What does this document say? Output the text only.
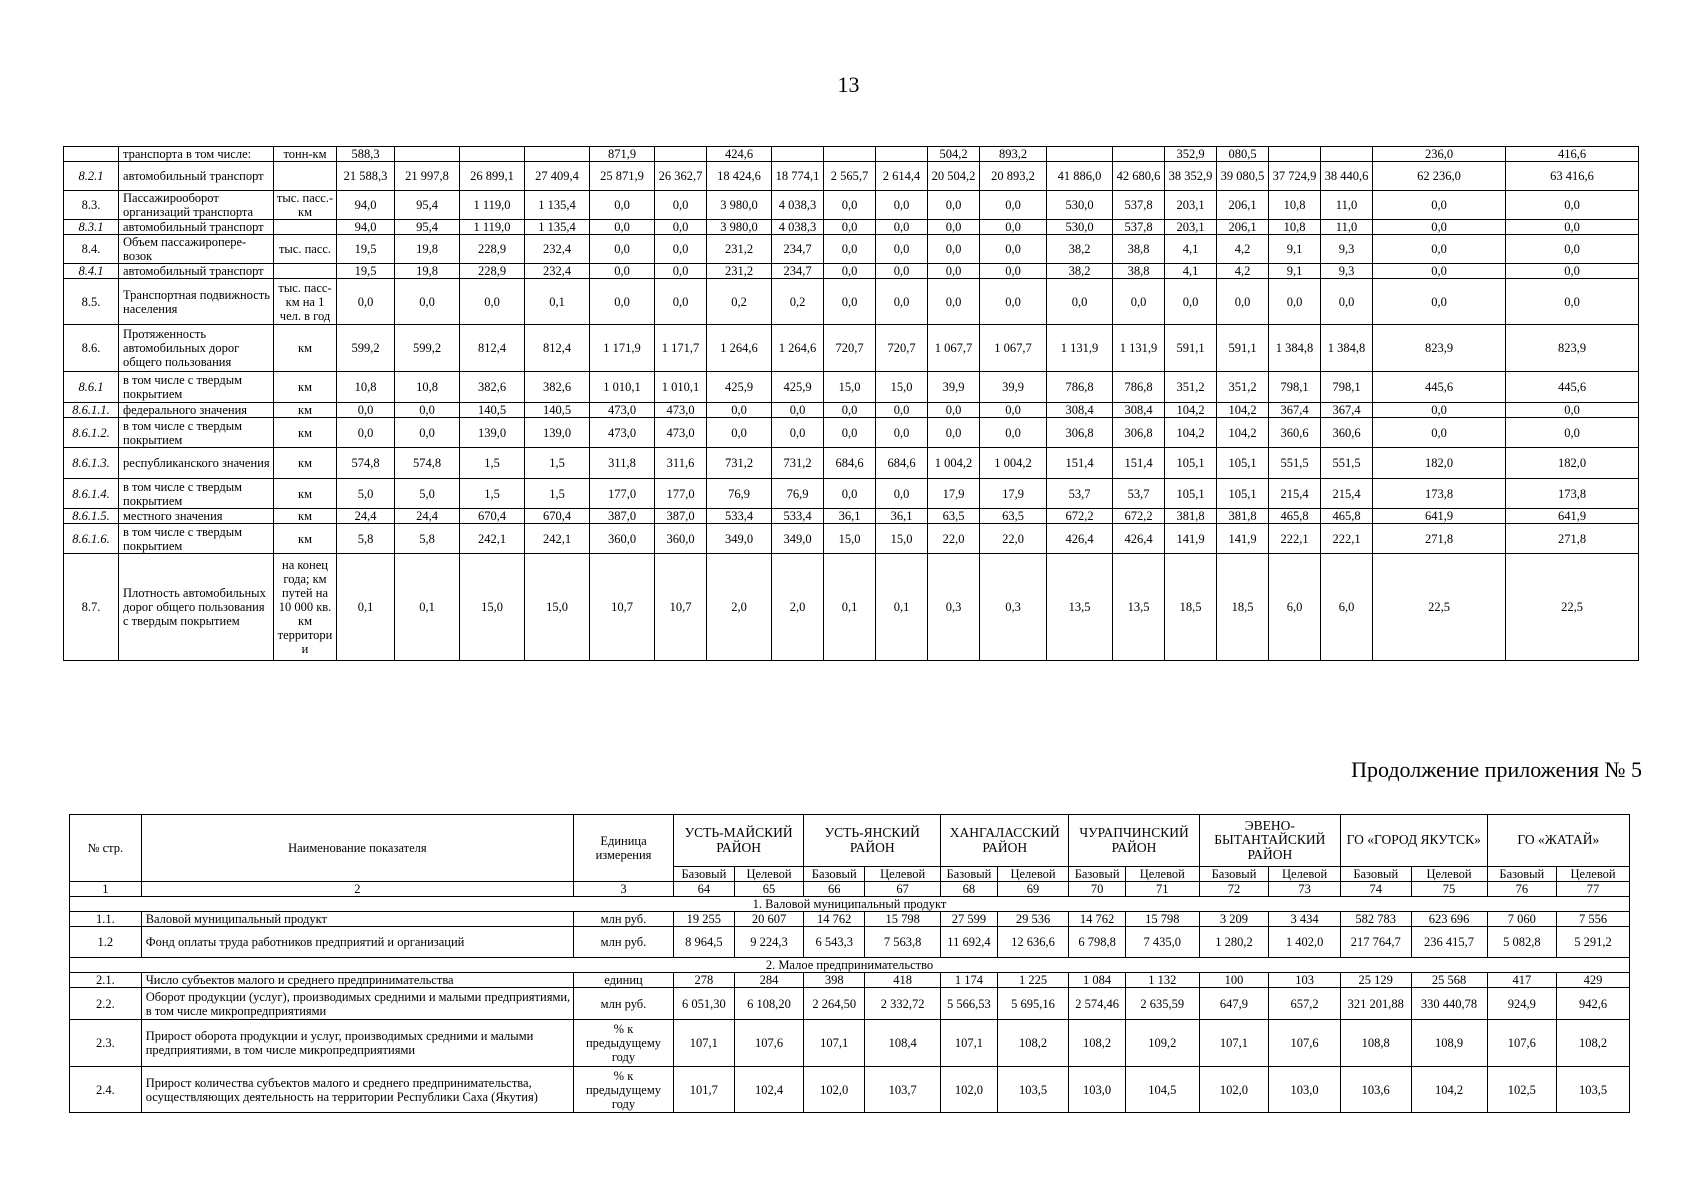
13
	транспорта в том числе:	тонн-км	588,3				871,9		424,6				504,2	893,2			352,9	080,5			236,0	416,6
8.2.1	автомобильный транспорт		21 588,3	21 997,8	26 899,1	27 409,4	25 871,9	26 362,7	18 424,6	18 774,1	2 565,7	2 614,4	20 504,2	20 893,2	41 886,0	42 680,6	38 352,9	39 080,5	37 724,9	38 440,6	62 236,0	63 416,6
8.3.	Пассажирооборот организаций транспорта	тыс. пасс.-км	94,0	95,4	1 119,0	1 135,4	0,0	0,0	3 980,0	4 038,3	0,0	0,0	0,0	0,0	530,0	537,8	203,1	206,1	10,8	11,0	0,0	0,0
8.3.1	автомобильный транспорт		94,0	95,4	1 119,0	1 135,4	0,0	0,0	3 980,0	4 038,3	0,0	0,0	0,0	0,0	530,0	537,8	203,1	206,1	10,8	11,0	0,0	0,0
8.4.	Объем пассажиропере-возок	тыс. пасс.	19,5	19,8	228,9	232,4	0,0	0,0	231,2	234,7	0,0	0,0	0,0	0,0	38,2	38,8	4,1	4,2	9,1	9,3	0,0	0,0
8.4.1	автомобильный транспорт		19,5	19,8	228,9	232,4	0,0	0,0	231,2	234,7	0,0	0,0	0,0	0,0	38,2	38,8	4,1	4,2	9,1	9,3	0,0	0,0
8.5.	Транспортная подвижность населения	тыс. пасс-км на 1 чел. в год	0,0	0,0	0,0	0,1	0,0	0,0	0,2	0,2	0,0	0,0	0,0	0,0	0,0	0,0	0,0	0,0	0,0	0,0	0,0	0,0
8.6.	Протяженность автомобильных дорог общего пользования	км	599,2	599,2	812,4	812,4	1 171,9	1 171,7	1 264,6	1 264,6	720,7	720,7	1 067,7	1 067,7	1 131,9	1 131,9	591,1	591,1	1 384,8	1 384,8	823,9	823,9
8.6.1	в том числе с твердым покрытием	км	10,8	10,8	382,6	382,6	1 010,1	1 010,1	425,9	425,9	15,0	15,0	39,9	39,9	786,8	786,8	351,2	351,2	798,1	798,1	445,6	445,6
8.6.1.1.	федерального значения	км	0,0	0,0	140,5	140,5	473,0	473,0	0,0	0,0	0,0	0,0	0,0	0,0	308,4	308,4	104,2	104,2	367,4	367,4	0,0	0,0
8.6.1.2.	в том числе с твердым покрытием	км	0,0	0,0	139,0	139,0	473,0	473,0	0,0	0,0	0,0	0,0	0,0	0,0	306,8	306,8	104,2	104,2	360,6	360,6	0,0	0,0
8.6.1.3.	республиканского значения	км	574,8	574,8	1,5	1,5	311,8	311,6	731,2	731,2	684,6	684,6	1 004,2	1 004,2	151,4	151,4	105,1	105,1	551,5	551,5	182,0	182,0
8.6.1.4.	в том числе с твердым покрытием	км	5,0	5,0	1,5	1,5	177,0	177,0	76,9	76,9	0,0	0,0	17,9	17,9	53,7	53,7	105,1	105,1	215,4	215,4	173,8	173,8
8.6.1.5.	местного значения	км	24,4	24,4	670,4	670,4	387,0	387,0	533,4	533,4	36,1	36,1	63,5	63,5	672,2	672,2	381,8	381,8	465,8	465,8	641,9	641,9
8.6.1.6.	в том числе с твердым покрытием	км	5,8	5,8	242,1	242,1	360,0	360,0	349,0	349,0	15,0	15,0	22,0	22,0	426,4	426,4	141,9	141,9	222,1	222,1	271,8	271,8
8.7.	Плотность автомобильных дорог общего пользования с твердым покрытием	на конец года; км путей на 10 000 кв. км территории	0,1	0,1	15,0	15,0	10,7	10,7	2,0	2,0	0,1	0,1	0,3	0,3	13,5	13,5	18,5	18,5	6,0	6,0	22,5	22,5
Продолжение приложения № 5
№ стр.	Наименование показателя	Единица измерения	УСТЬ-МАЙСКИЙ РАЙОН		УСТЬ-ЯНСКИЙ РАЙОН		ХАНГАЛАССКИЙ РАЙОН		ЧУРАПЧИНСКИЙ РАЙОН		ЭВЕНО-БЫТАНТАЙСКИЙ РАЙОН		ГО «ГОРОД ЯКУТСК»		ГО «ЖАТАЙ»	
			Базовый	Целевой	Базовый	Целевой	Базовый	Целевой	Базовый	Целевой	Базовый	Целевой	Базовый	Целевой	Базовый	Целевой
1	2	3	64	65	66	67	68	69	70	71	72	73	74	75	76	77
1. Валовой муниципальный продукт																
1.1.	Валовой муниципальный продукт	млн руб.	19 255	20 607	14 762	15 798	27 599	29 536	14 762	15 798	3 209	3 434	582 783	623 696	7 060	7 556
1.2	Фонд оплаты труда работников предприятий и организаций	млн руб.	8 964,5	9 224,3	6 543,3	7 563,8	11 692,4	12 636,6	6 798,8	7 435,0	1 280,2	1 402,0	217 764,7	236 415,7	5 082,8	5 291,2
2. Малое предпринимательство																
2.1.	Число субъектов малого и среднего предпринимательства	единиц	278	284	398	418	1 174	1 225	1 084	1 132	100	103	25 129	25 568	417	429
2.2.	Оборот продукции (услуг), производимых средними и малыми предприятиями, в том числе микропредприятиями	млн руб.	6 051,30	6 108,20	2 264,50	2 332,72	5 566,53	5 695,16	2 574,46	2 635,59	647,9	657,2	321 201,88	330 440,78	924,9	942,6
2.3.	Прирост оборота продукции и услуг, производимых средними и малыми предприятиями, в том числе микропредприятиями	% к предыдущему году	107,1	107,6	107,1	108,4	107,1	108,2	108,2	109,2	107,1	107,6	108,8	108,9	107,6	108,2
2.4.	Прирост количества субъектов малого и среднего предпринимательства, осуществляющих деятельность на территории Республики Саха (Якутия)	% к предыдущему году	101,7	102,4	102,0	103,7	102,0	103,5	103,0	104,5	102,0	103,0	103,6	104,2	102,5	103,5
